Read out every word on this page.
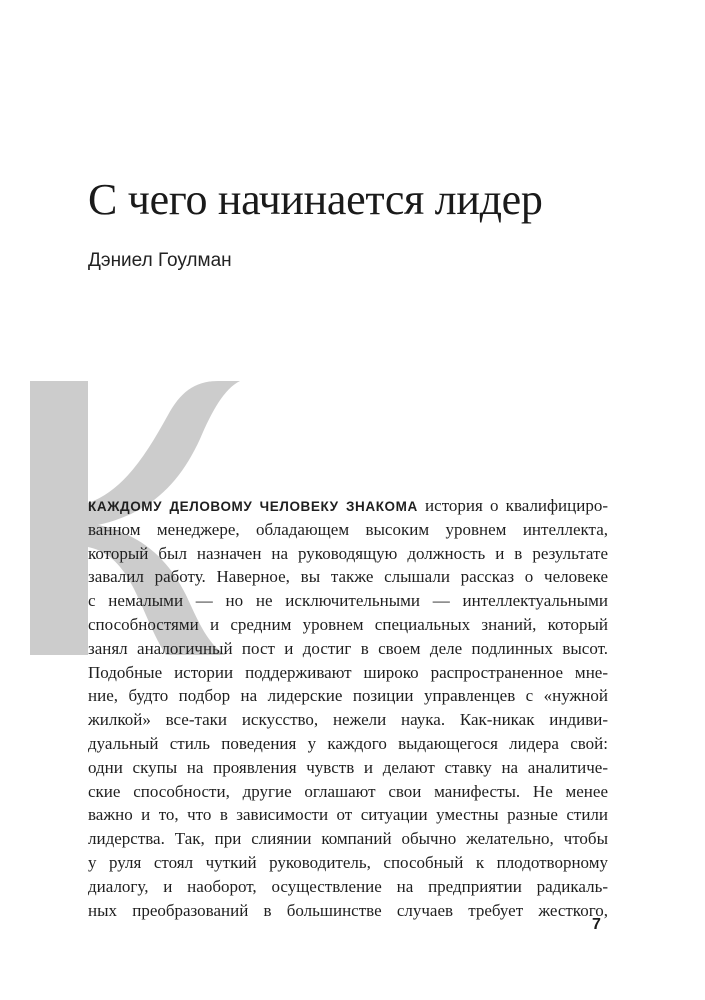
С чего начинается лидер
Дэниел Гоулман
КАЖДОМУ ДЕЛОВОМУ ЧЕЛОВЕКУ ЗНАКОМА история о квалифициро-
ванном менеджере, обладающем высоким уровнем интеллекта,
который был назначен на руководящую должность и в результате
завалил работу. Наверное, вы также слышали рассказ о человеке
с немалыми — но не исключительными — интеллектуальными
способностями и средним уровнем специальных знаний, который
занял аналогичный пост и достиг в своем деле подлинных высот.
Подобные истории поддерживают широко распространенное мне-
ние, будто подбор на лидерские позиции управленцев с «нужной
жилкой» все-таки искусство, нежели наука. Как-никак индиви-
дуальный стиль поведения у каждого выдающегося лидера свой:
одни скупы на проявления чувств и делают ставку на аналитиче-
ские способности, другие оглашают свои манифесты. Не менее
важно и то, что в зависимости от ситуации уместны разные стили
лидерства. Так, при слиянии компаний обычно желательно, чтобы
у руля стоял чуткий руководитель, способный к плодотворному
диалогу, и наоборот, осуществление на предприятии радикаль-
ных преобразований в большинстве случаев требует жесткого,
7
